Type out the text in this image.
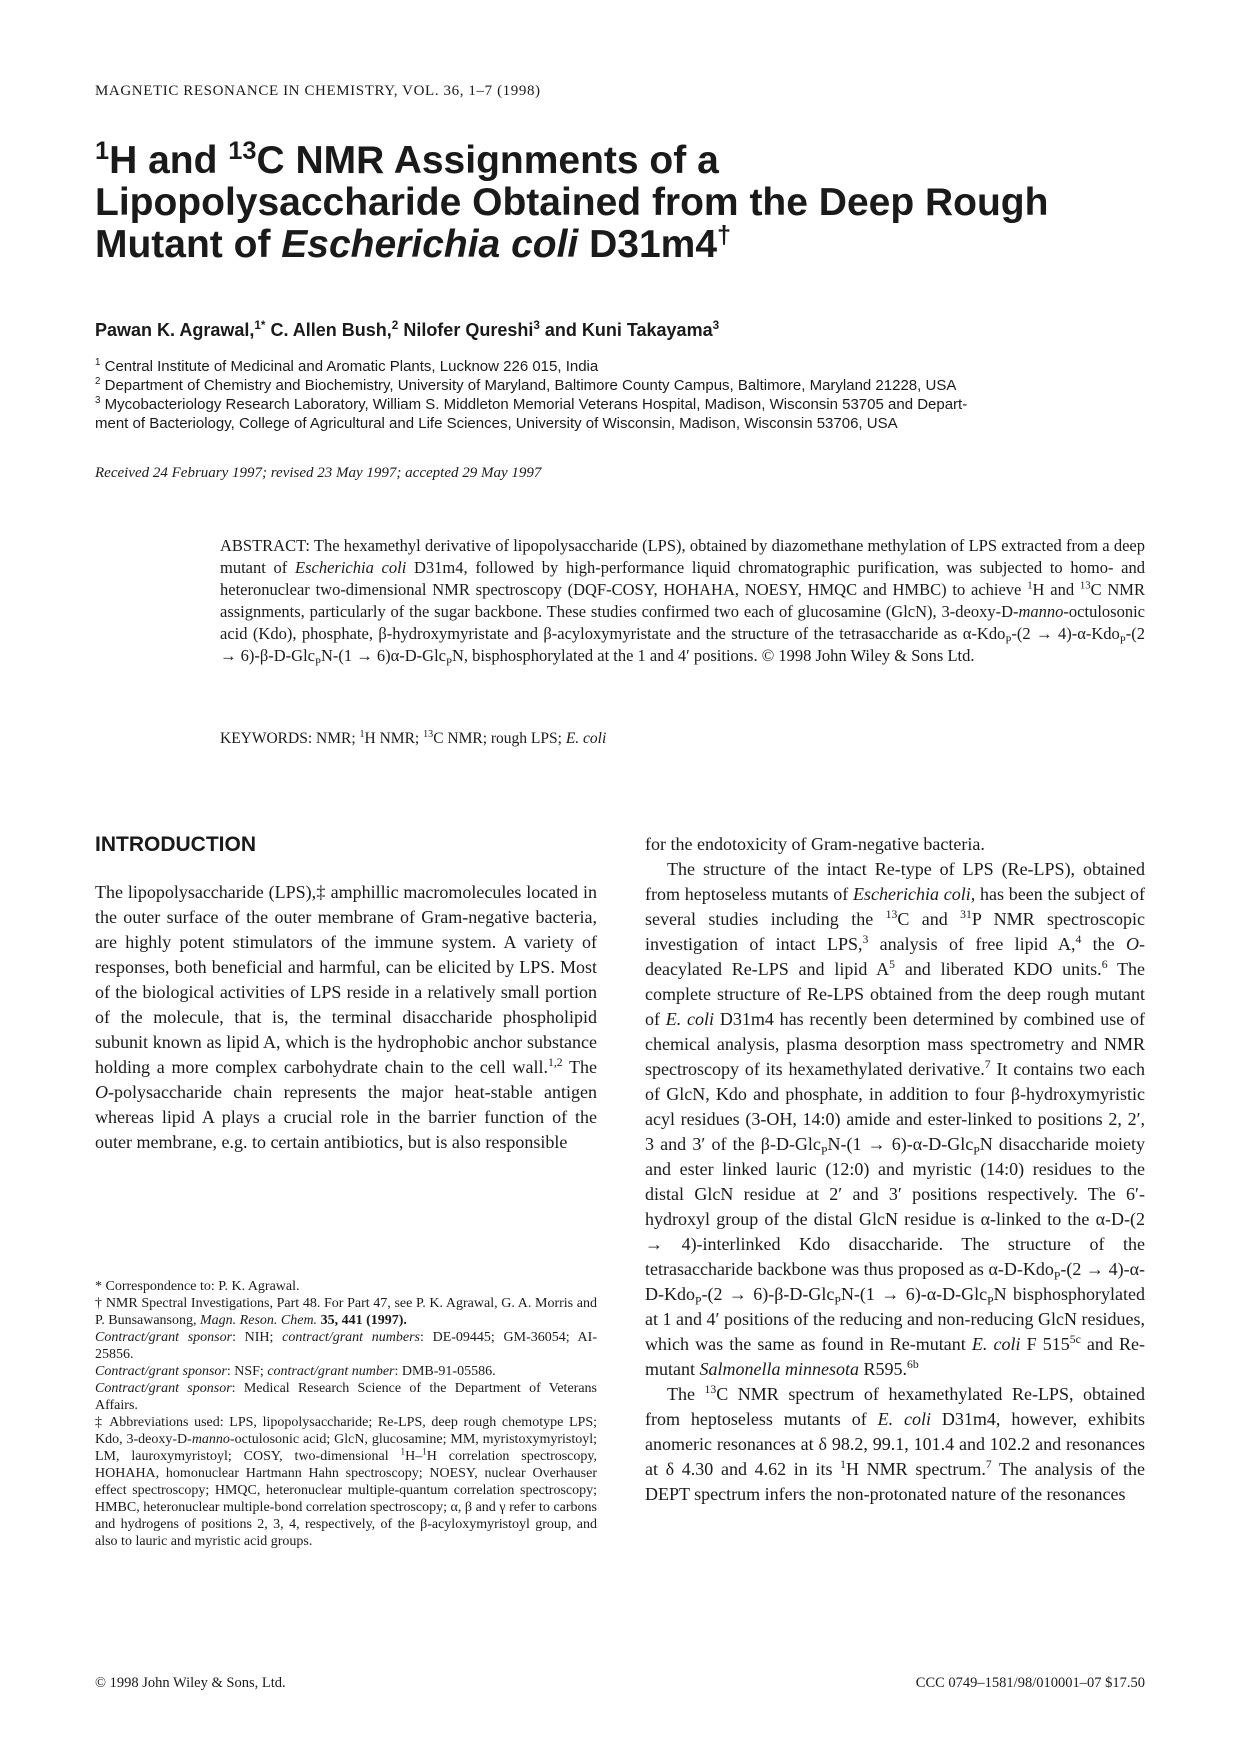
MAGNETIC RESONANCE IN CHEMISTRY, VOL. 36, 1–7 (1998)
$^1$H and $^{13}$C NMR Assignments of a
Lipopolysaccharide Obtained from the Deep Rough
Mutant of Escherichia coli D31m4†
Pawan K. Agrawal,$^{1*}$ C. Allen Bush,$^2$ Nilofer Qureshi$^3$ and Kuni Takayama$^3$
$^1$ Central Institute of Medicinal and Aromatic Plants, Lucknow 226 015, India
$^2$ Department of Chemistry and Biochemistry, University of Maryland, Baltimore County Campus, Baltimore, Maryland 21228, USA
$^3$ Mycobacteriology Research Laboratory, William S. Middleton Memorial Veterans Hospital, Madison, Wisconsin 53705 and Depart-
ment of Bacteriology, College of Agricultural and Life Sciences, University of Wisconsin, Madison, Wisconsin 53706, USA
Received 24 February 1997; revised 23 May 1997; accepted 29 May 1997

ABSTRACT: The hexamethyl derivative of lipopolysaccharide (LPS), obtained by diazomethane methylation of LPS extracted from a deep mutant of Escherichia coli D31m4, followed by high-performance liquid chromatographic purification, was subjected to homo- and heteronuclear two-dimensional NMR spectroscopy (DQF-COSY, HOHAHA, NOESY, HMQC and HMBC) to achieve $^1$H and $^{13}$C NMR assignments, particularly of the sugar backbone. These studies confirmed two each of glucosamine (GlcN), 3-deoxy-D-manno-octulosonic acid (Kdo), phosphate, β-hydroxymyristate and β-acyloxymyristate and the structure of the tetrasaccharide as α-Kdo$_P$-(2 → 4)-α-Kdo$_P$-(2 → 6)-β-D-Glc$_P$N-(1 → 6)α-D-Glc$_P$N, bisphosphorylated at the 1 and 4′ positions. © 1998 John Wiley & Sons Ltd.

KEYWORDS: NMR; $^1$H NMR; $^{13}$C NMR; rough LPS; E. coli
INTRODUCTION

The lipopolysaccharide (LPS),‡ amphillic macromolecules located in the outer surface of the outer membrane of Gram-negative bacteria, are highly potent stimulators of the immune system. A variety of responses, both beneficial and harmful, can be elicited by LPS. Most of the biological activities of LPS reside in a relatively small portion of the molecule, that is, the terminal disaccharide phospholipid subunit known as lipid A, which is the hydrophobic anchor substance holding a more complex carbohydrate chain to the cell wall.$^{1,2}$ The O-polysaccharide chain represents the major heat-stable antigen whereas lipid A plays a crucial role in the barrier function of the outer membrane, e.g. to certain antibiotics, but is also responsible

* Correspondence to: P. K. Agrawal.

† NMR Spectral Investigations, Part 48. For Part 47, see P. K. Agrawal, G. A. Morris and P. Bunsawansong, Magn. Reson. Chem. 35, 441 (1997).

Contract/grant sponsor: NIH; contract/grant numbers: DE-09445; GM-36054; AI-25856.

Contract/grant sponsor: NSF; contract/grant number: DMB-91-05586.

Contract/grant sponsor: Medical Research Science of the Department of Veterans Affairs.

‡ Abbreviations used: LPS, lipopolysaccharide; Re-LPS, deep rough chemotype LPS; Kdo, 3-deoxy-D-manno-octulosonic acid; GlcN, glucosamine; MM, myristoxymyristoyl; LM, lauroxymyristoyl; COSY, two-dimensional $^1$H–$^1$H correlation spectroscopy, HOHAHA, homonuclear Hartmann Hahn spectroscopy; NOESY, nuclear Overhauser effect spectroscopy; HMQC, heteronuclear multiple-quantum correlation spectroscopy; HMBC, heteronuclear multiple-bond correlation spectroscopy; α, β and γ refer to carbons and hydrogens of positions 2, 3, 4, respectively, of the β-acyloxymyristoyl group, and also to lauric and myristic acid groups.

for the endotoxicity of Gram-negative bacteria.

The structure of the intact Re-type of LPS (Re-LPS), obtained from heptoseless mutants of Escherichia coli, has been the subject of several studies including the $^{13}$C and $^{31}$P NMR spectroscopic investigation of intact LPS,$^3$ analysis of free lipid A,$^4$ the O-deacylated Re-LPS and lipid $A^5$ and liberated KDO units.$^6$ The complete structure of Re-LPS obtained from the deep rough mutant of E. coli D31m4 has recently been determined by combined use of chemical analysis, plasma desorption mass spectrometry and NMR spectroscopy of its hexamethylated derivative.$^7$ It contains two each of GlcN, Kdo and phosphate, in addition to four β-hydroxymyristic acyl residues (3-OH, 14:0) amide and ester-linked to positions 2, 2′, 3 and 3′ of the β-D-Glc$_P$N-(1 → 6)-α-D-Glc$_P$N disaccharide moiety and ester linked lauric (12:0) and myristic (14:0) residues to the distal GlcN residue at 2′ and 3′ positions respectively. The 6′-hydroxyl group of the distal GlcN residue is α-linked to the α-D-(2 → 4)-interlinked Kdo disaccharide. The structure of the tetrasaccharide backbone was thus proposed as α-D-Kdo$_P$-(2 → 4)-α-D-Kdo$_P$-(2 → 6)-β-D-Glc$_P$N-(1 → 6)-α-D-Glc$_P$N bisphosphorylated at 1 and 4′ positions of the reducing and non-reducing GlcN residues, which was the same as found in Re-mutant E. coli F $515^{5c}$ and Re-mutant Salmonella minnesota R595.$^{6b}$

The $^{13}$C NMR spectrum of hexamethylated Re-LPS, obtained from heptoseless mutants of E. coli D31m4, however, exhibits anomeric resonances at δ 98.2, 99.1, 101.4 and 102.2 and resonances at δ 4.30 and 4.62 in its $^1$H NMR spectrum.$^7$ The analysis of the DEPT spectrum infers the non-protonated nature of the resonances

© 1998 John Wiley & Sons, Ltd.	CCC 0749–1581/98/010001–07 $17.50
